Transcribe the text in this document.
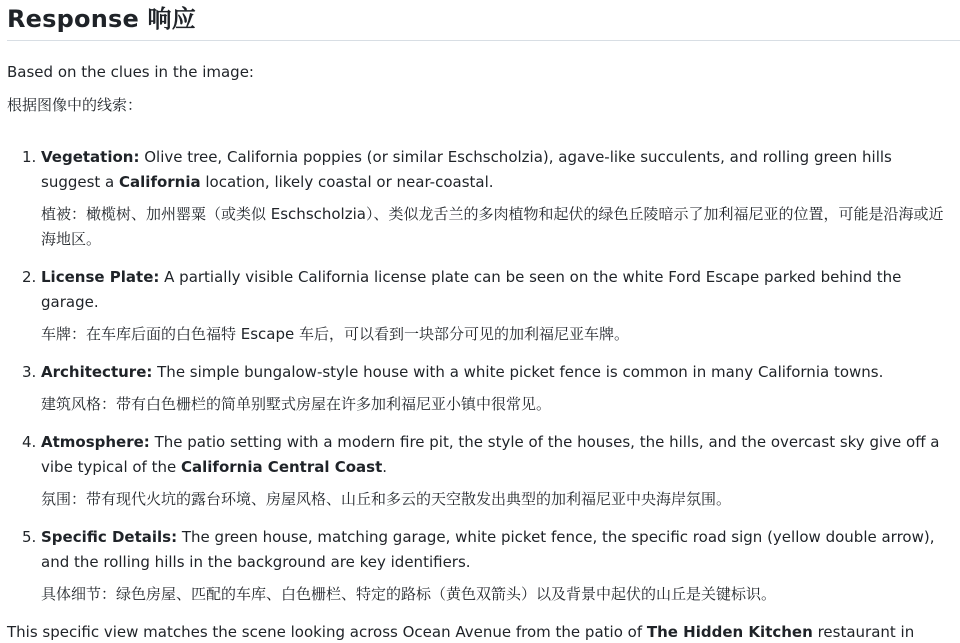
Response 响应
Based on the clues in the image:
根据图像中的线索：
1. Vegetation: Olive tree, California poppies (or similar Eschscholzia), agave-like succulents, and rolling green hills suggest a California location, likely coastal or near-coastal.

植被：橄榄树、加州罂粟（或类似 Eschscholzia）、类似龙舌兰的多肉植物和起伏的绿色丘陵暗示了加利福尼亚的位置，可能是沿海或近海地区。

2. License Plate: A partially visible California license plate can be seen on the white Ford Escape parked behind the garage.

车牌：在车库后面的白色福特 Escape 车后，可以看到一块部分可见的加利福尼亚车牌。

3. Architecture: The simple bungalow-style house with a white picket fence is common in many California towns.

建筑风格：带有白色栅栏的简单别墅式房屋在许多加利福尼亚小镇中很常见。

4. Atmosphere: The patio setting with a modern fire pit, the style of the houses, the hills, and the overcast sky give off a vibe typical of the California Central Coast.

氛围：带有现代火坑的露台环境、房屋风格、山丘和多云的天空散发出典型的加利福尼亚中央海岸氛围。

5. Specific Details: The green house, matching garage, white picket fence, the specific road sign (yellow double arrow), and the rolling hills in the background are key identifiers.

具体细节：绿色房屋、匹配的车库、白色栅栏、特定的路标（黄色双箭头）以及背景中起伏的山丘是关键标识。

This specific view matches the scene looking across Ocean Avenue from the patio of The Hidden Kitchen restaurant in
